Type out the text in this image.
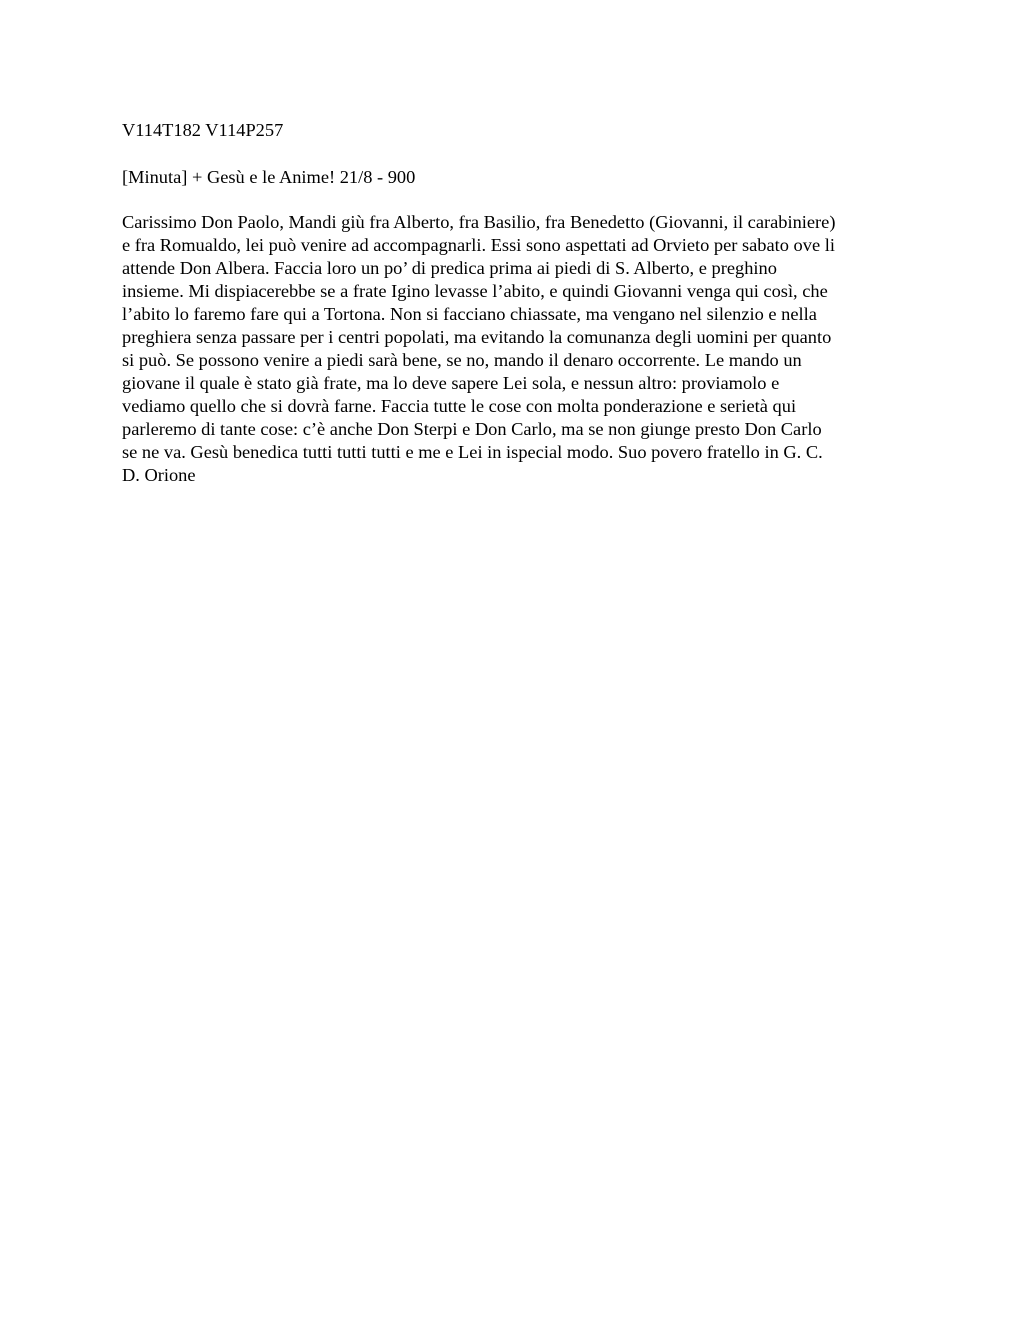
V114T182 V114P257
[Minuta] + Gesù e le Anime! 21/8 - 900
Carissimo Don Paolo, Mandi giù fra Alberto, fra Basilio, fra Benedetto (Giovanni, il carabiniere)
e fra Romualdo, lei può venire ad accompagnarli. Essi sono aspettati ad Orvieto per sabato ove li
attende Don Albera. Faccia loro un po’ di predica prima ai piedi di S. Alberto, e preghino
insieme. Mi dispiacerebbe se a frate Igino levasse l’abito, e quindi Giovanni venga qui così, che
l’abito lo faremo fare qui a Tortona. Non si facciano chiassate, ma vengano nel silenzio e nella
preghiera senza passare per i centri popolati, ma evitando la comunanza degli uomini per quanto
si può. Se possono venire a piedi sarà bene, se no, mando il denaro occorrente. Le mando un
giovane il quale è stato già frate, ma lo deve sapere Lei sola, e nessun altro: proviamolo e
vediamo quello che si dovrà farne. Faccia tutte le cose con molta ponderazione e serietà qui
parleremo di tante cose: c’è anche Don Sterpi e Don Carlo, ma se non giunge presto Don Carlo
se ne va. Gesù benedica tutti tutti tutti e me e Lei in ispecial modo. Suo povero fratello in G. C.
D. Orione
